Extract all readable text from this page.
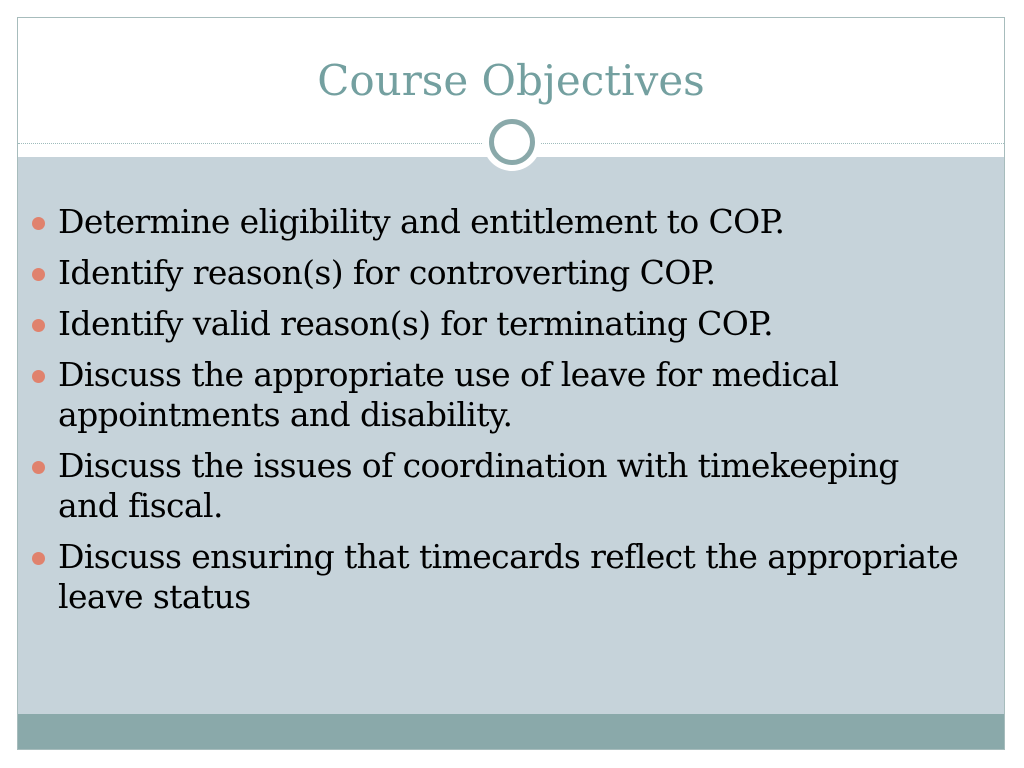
Course Objectives
Determine eligibility and entitlement to COP.
Identify reason(s) for controverting COP.
Identify valid reason(s) for terminating COP.
Discuss the appropriate use of leave for medical appointments and disability.
Discuss the issues of coordination with timekeeping and fiscal.
Discuss ensuring that timecards reflect the appropriate leave status
